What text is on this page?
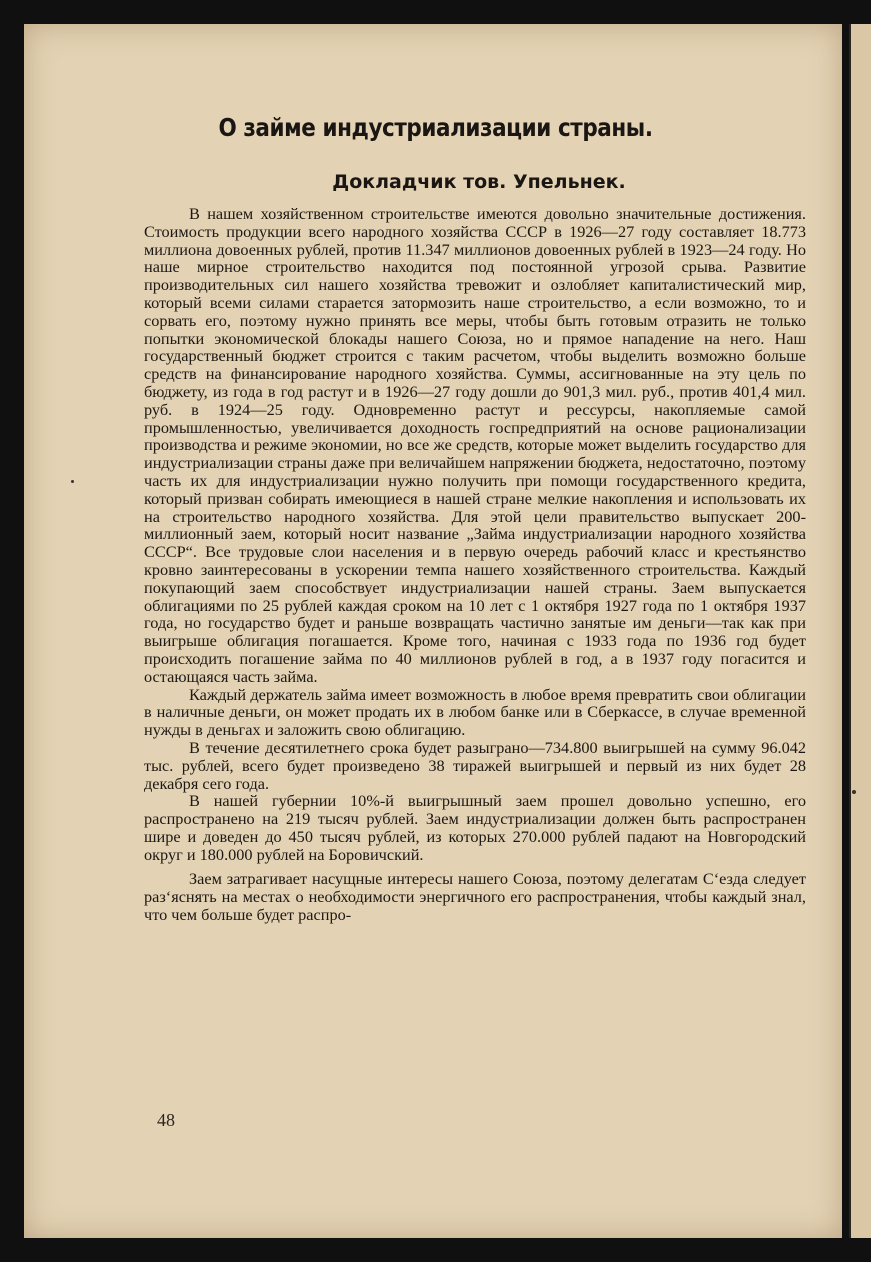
О займе индустриализации страны.
Докладчик тов. Упельнек.

В нашем хозяйственном строительстве имеются довольно значительные достижения. Стоимость продукции всего народного хозяйства СССР в 1926—27 году составляет 18.773 миллиона довоенных рублей, против 11.347 миллионов довоенных рублей в 1923—24 году. Но наше мирное строительство находится под постоянной угрозой срыва. Развитие производительных сил нашего хозяйства тревожит и озлобляет капиталистический мир, который всеми силами старается затормозить наше строительство, а если возможно, то и сорвать его, поэтому нужно принять все меры, чтобы быть готовым отразить не только попытки экономической блокады нашего Союза, но и прямое нападение на него. Наш государственный бюджет строится с таким расчетом, чтобы выделить возможно больше средств на финансирование народного хозяйства. Суммы, ассигнованные на эту цель по бюджету, из года в год растут и в 1926—27 году дошли до 901,3 мил. руб., против 401,4 мил. руб. в 1924—25 году. Одновременно растут и рессурсы, накопляемые самой промышленностью, увеличивается доходность госпредприятий на основе рационализации производства и режиме экономии, но все же средств, которые может выделить государство для индустриализации страны даже при величайшем напряжении бюджета, недостаточно, поэтому часть их для индустриализации нужно получить при помощи государственного кредита, который призван собирать имеющиеся в нашей стране мелкие накопления и использовать их на строительство народного хозяйства. Для этой цели правительство выпускает 200-миллионный заем, который носит название „Займа индустриализации народного хозяйства СССР“. Все трудовые слои населения и в первую очередь рабочий класс и крестьянство кровно заинтересованы в ускорении темпа нашего хозяйственного строительства. Каждый покупающий заем способствует индустриализации нашей страны. Заем выпускается облигациями по 25 рублей каждая сроком на 10 лет с 1 октября 1927 года по 1 октября 1937 года, но государство будет и раньше возвращать частично занятые им деньги—так как при выигрыше облигация погашается. Кроме того, начиная с 1933 года по 1936 год будет происходить погашение займа по 40 миллионов рублей в год, а в 1937 году погасится и остающаяся часть займа.

Каждый держатель займа имеет возможность в любое время превратить свои облигации в наличные деньги, он может продать их в любом банке или в Сберкассе, в случае временной нужды в деньгах и заложить свою облигацию.

В течение десятилетнего срока будет разыграно—734.800 выигрышей на сумму 96.042 тыс. рублей, всего будет произведено 38 тиражей выигрышей и первый из них будет 28 декабря сего года.

В нашей губернии 10%-й выигрышный заем прошел довольно успешно, его распространено на 219 тысяч рублей. Заем индустриализации должен быть распространен шире и доведен до 450 тысяч рублей, из которых 270.000 рублей падают на Новгородский округ и 180.000 рублей на Боровичский.

Заем затрагивает насущные интересы нашего Союза, поэтому делегатам С‘езда следует раз‘яснять на местах о необходимости энергичного его распространения, чтобы каждый знал, что чем больше будет распро-

48
